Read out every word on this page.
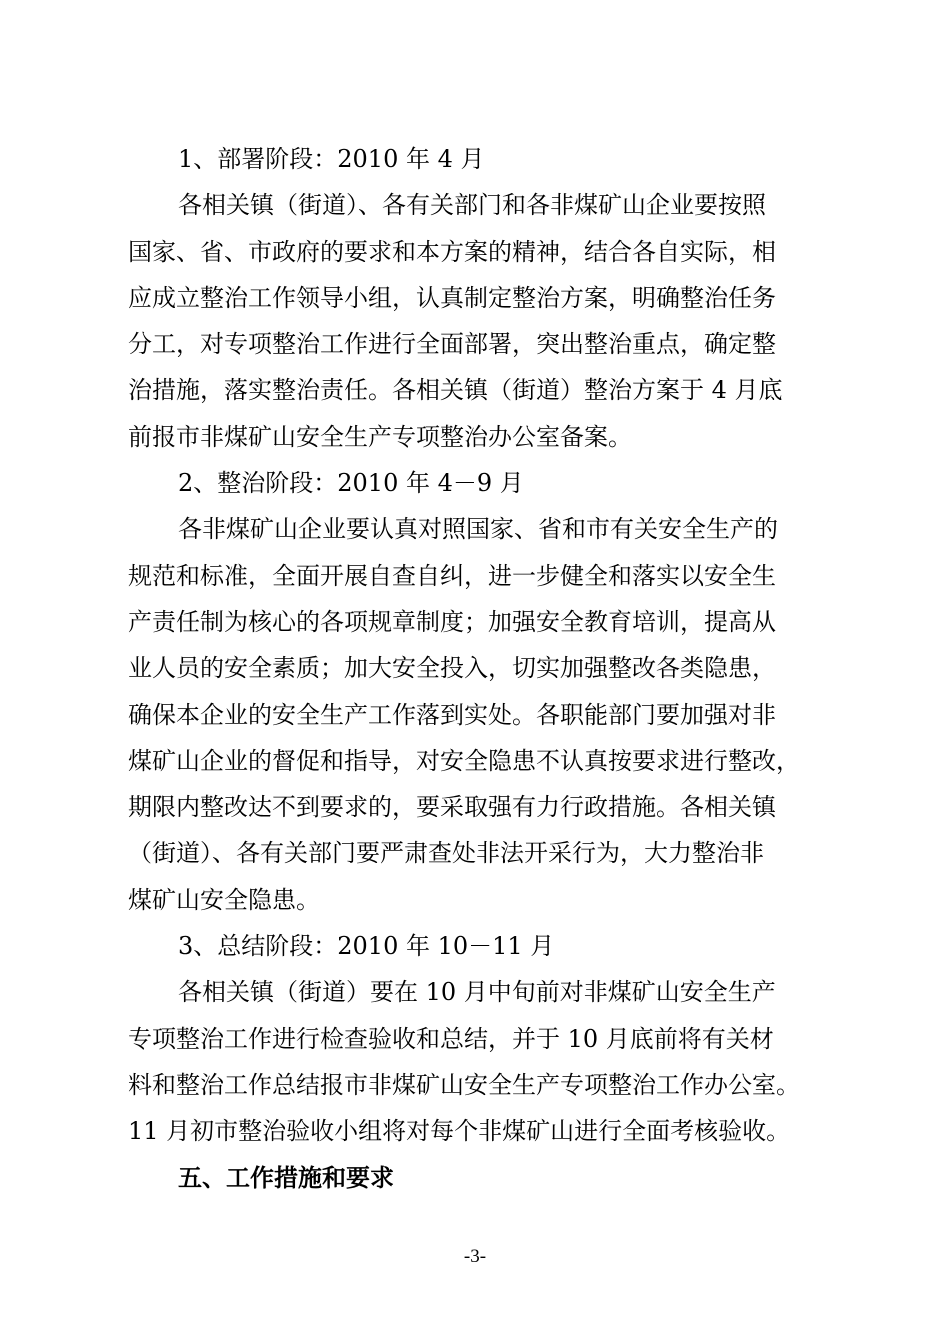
1、部署阶段：2010 年 4 月
各相关镇（街道）、各有关部门和各非煤矿山企业要按照
国家、省、市政府的要求和本方案的精神，结合各自实际，相
应成立整治工作领导小组，认真制定整治方案，明确整治任务
分工，对专项整治工作进行全面部署，突出整治重点，确定整
治措施，落实整治责任。各相关镇（街道）整治方案于 4 月底
前报市非煤矿山安全生产专项整治办公室备案。
2、整治阶段：2010 年 4－9 月
各非煤矿山企业要认真对照国家、省和市有关安全生产的
规范和标准，全面开展自查自纠，进一步健全和落实以安全生
产责任制为核心的各项规章制度；加强安全教育培训，提高从
业人员的安全素质；加大安全投入，切实加强整改各类隐患，
确保本企业的安全生产工作落到实处。各职能部门要加强对非
煤矿山企业的督促和指导，对安全隐患不认真按要求进行整改，
期限内整改达不到要求的，要采取强有力行政措施。各相关镇
（街道）、各有关部门要严肃查处非法开采行为，大力整治非
煤矿山安全隐患。
3、总结阶段：2010 年 10－11 月
各相关镇（街道）要在 10 月中旬前对非煤矿山安全生产
专项整治工作进行检查验收和总结，并于 10 月底前将有关材
料和整治工作总结报市非煤矿山安全生产专项整治工作办公室。
11 月初市整治验收小组将对每个非煤矿山进行全面考核验收。
五、工作措施和要求
-3-
